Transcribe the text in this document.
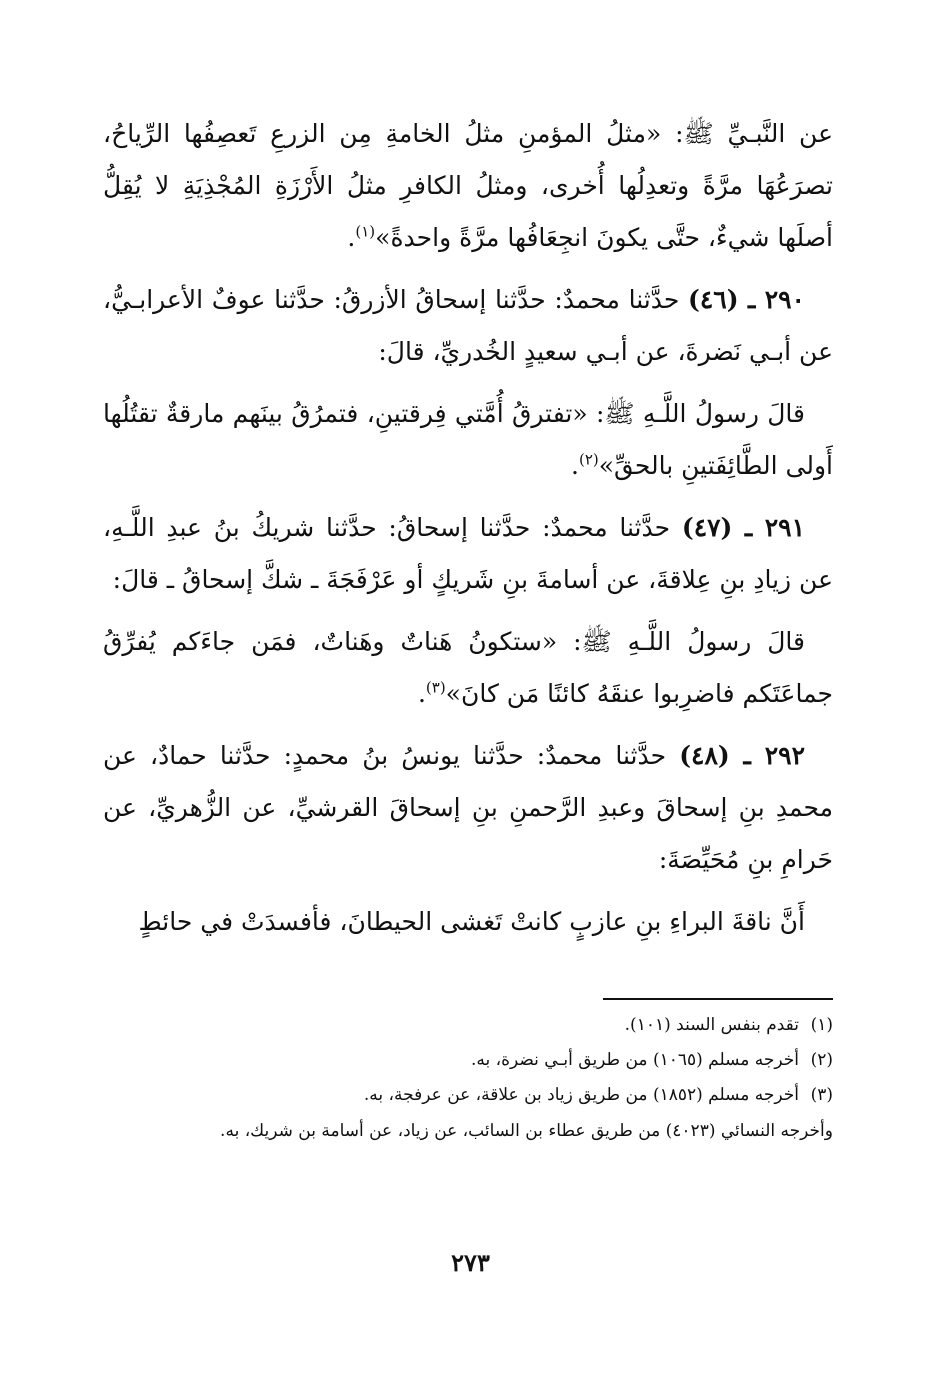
عن النَّبـيِّ ﷺ: «مثلُ المؤمنِ مثلُ الخامةِ مِن الزرعِ تَعصِفُها الرِّياحُ، تصرَعُهَا مرَّةً وتعدِلُها أُخرى، ومثلُ الكافرِ مثلُ الأَرْزَةِ المُجْذِيَةِ لا يُقِلُّ أصلَها شيءٌ، حتَّى يكونَ انجِعَافُها مرَّةً واحدةً»$^{(١)}$.

٢٩٠ ـ (٤٦) حدَّثنا محمدٌ: حدَّثنا إسحاقُ الأزرقُ: حدَّثنا عوفٌ الأعرابـيُّ، عن أبـي نَضرةَ، عن أبـي سعيدٍ الخُدريِّ، قالَ:

قالَ رسولُ اللَّـهِ ﷺ: «تفترقُ أُمَّتي فِرقتينِ، فتمرُقُ بينَهم مارقةٌ تقتُلُها أَولى الطَّائِفَتينِ بالحقِّ»$^{(٢)}$.

٢٩١ ـ (٤٧) حدَّثنا محمدٌ: حدَّثنا إسحاقُ: حدَّثنا شريكُ بنُ عبدِ اللَّـهِ، عن زيادِ بنِ عِلاقةَ، عن أسامةَ بنِ شَريكٍ أو عَرْفَجَةَ ـ شكَّ إسحاقُ ـ قالَ:

قالَ رسولُ اللَّـهِ ﷺ: «ستكونُ هَناتٌ وهَناتٌ، فمَن جاءَكم يُفرِّقُ جماعَتَكم فاضرِبوا عنقَهُ كائنًا مَن كانَ»$^{(٣)}$.

٢٩٢ ـ (٤٨) حدَّثنا محمدٌ: حدَّثنا يونسُ بنُ محمدٍ: حدَّثنا حمادٌ، عن محمدِ بنِ إسحاقَ وعبدِ الرَّحمنِ بنِ إسحاقَ القرشيِّ، عن الزُّهريِّ، عن حَرامِ بنِ مُحَيِّصَةَ:

أَنَّ ناقةَ البراءِ بنِ عازبٍ كانتْ تَغشى الحيطانَ، فأفسدَتْ في حائطٍ

(١)تقدم بنفس السند (١٠١).

(٢)أخرجه مسلم (١٠٦٥) من طريق أبـي نضرة، به.

(٣)أخرجه مسلم (١٨٥٢) من طريق زياد بن علاقة، عن عرفجة، به.

وأخرجه النسائي (٤٠٢٣) من طريق عطاء بن السائب، عن زياد، عن أسامة بن شريك، به.

٢٧٣
